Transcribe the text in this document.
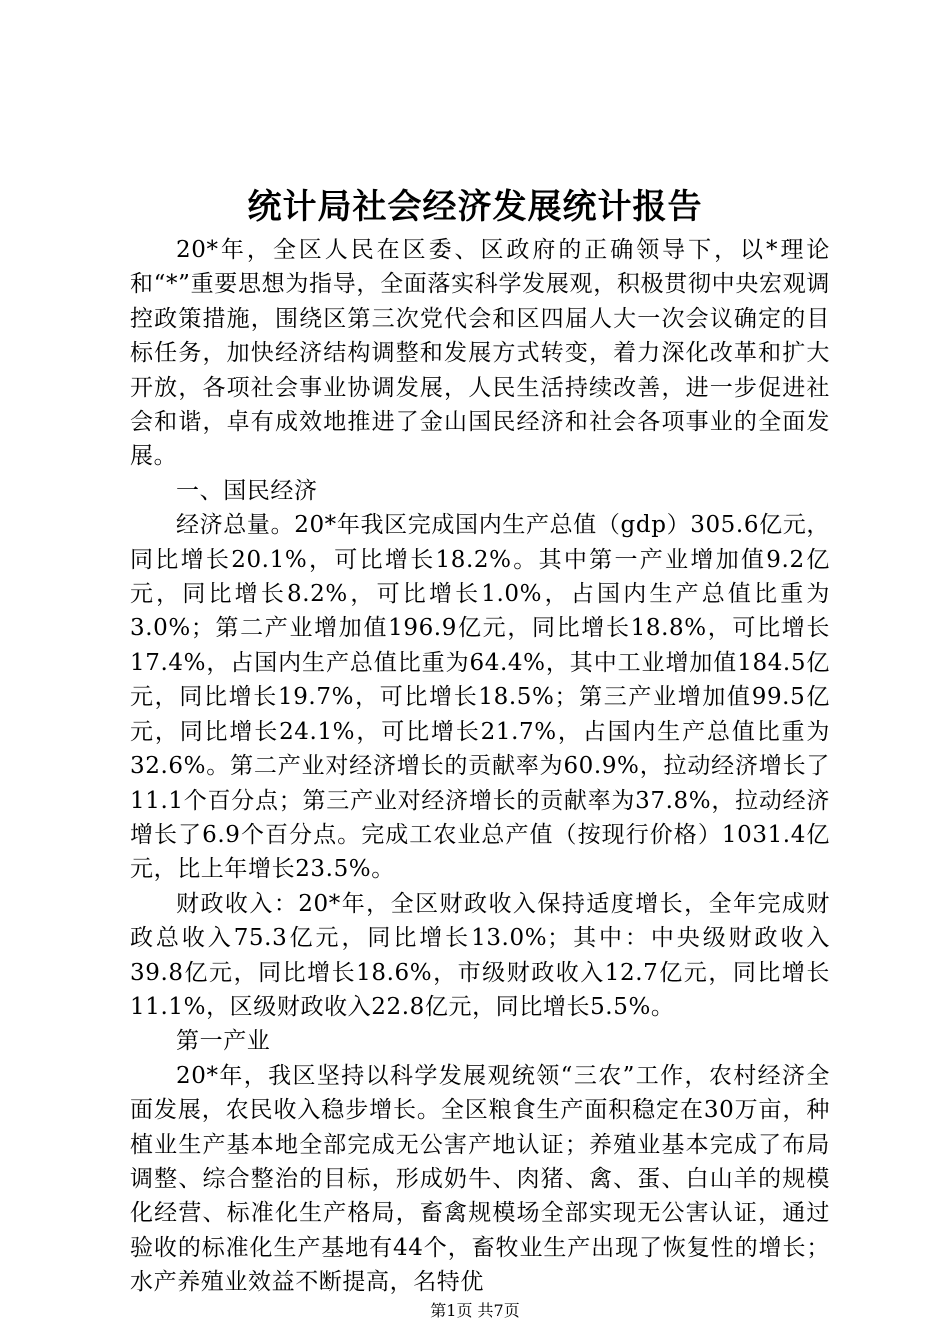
统计局社会经济发展统计报告

20*年，全区人民在区委、区政府的正确领导下，以*理论和“*”重要思想为指导，全面落实科学发展观，积极贯彻中央宏观调控政策措施，围绕区第三次党代会和区四届人大一次会议确定的目标任务，加快经济结构调整和发展方式转变，着力深化改革和扩大开放，各项社会事业协调发展，人民生活持续改善，进一步促进社会和谐，卓有成效地推进了金山国民经济和社会各项事业的全面发展。

一、国民经济

经济总量。20*年我区完成国内生产总值（gdp）305.6亿元，同比增长20.1%，可比增长18.2%。其中第一产业增加值9.2亿元，同比增长8.2%，可比增长1.0%，占国内生产总值比重为3.0%；第二产业增加值196.9亿元，同比增长18.8%，可比增长17.4%，占国内生产总值比重为64.4%，其中工业增加值184.5亿元，同比增长19.7%，可比增长18.5%；第三产业增加值99.5亿元，同比增长24.1%，可比增长21.7%，占国内生产总值比重为32.6%。第二产业对经济增长的贡献率为60.9%，拉动经济增长了11.1个百分点；第三产业对经济增长的贡献率为37.8%，拉动经济增长了6.9个百分点。完成工农业总产值（按现行价格）1031.4亿元，比上年增长23.5%。

财政收入：20*年，全区财政收入保持适度增长，全年完成财政总收入75.3亿元，同比增长13.0%；其中：中央级财政收入39.8亿元，同比增长18.6%，市级财政收入12.7亿元，同比增长11.1%，区级财政收入22.8亿元，同比增长5.5%。

第一产业

20*年，我区坚持以科学发展观统领“三农”工作，农村经济全面发展，农民收入稳步增长。全区粮食生产面积稳定在30万亩，种植业生产基本地全部完成无公害产地认证；养殖业基本完成了布局调整、综合整治的目标，形成奶牛、肉猪、禽、蛋、白山羊的规模化经营、标准化生产格局，畜禽规模场全部实现无公害认证，通过验收的标准化生产基地有44个，畜牧业生产出现了恢复性的增长；水产养殖业效益不断提高，名特优

第1页 共7页
